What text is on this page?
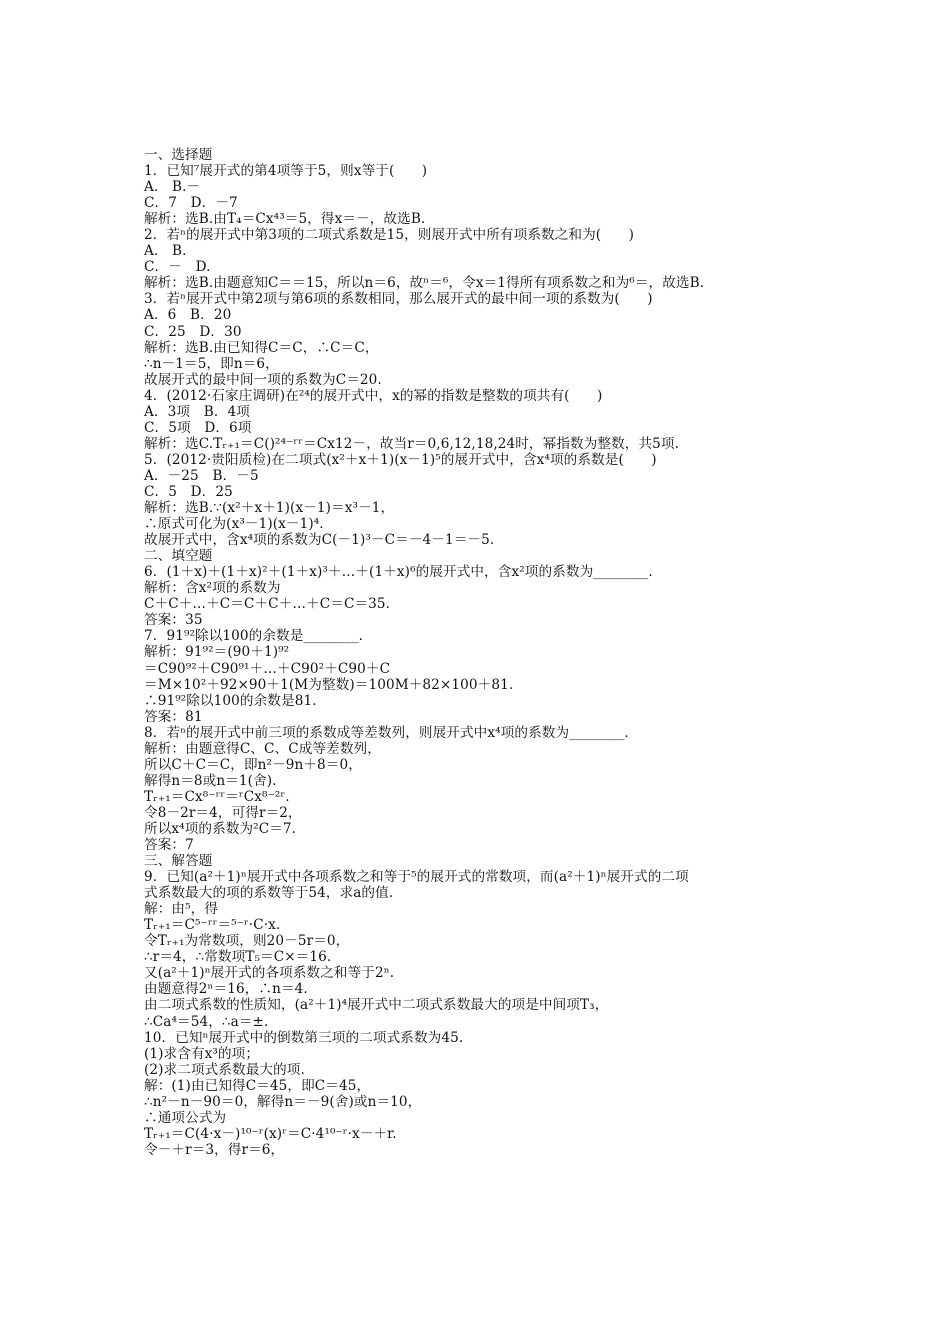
一、选择题
1．已知⁷展开式的第4项等于5，则x等于(　　)
A.　B.－
C．7　D．－7
解析：选B.由T₄＝Cx⁴³＝5，得x＝－，故选B.
2．若ⁿ的展开式中第3项的二项式系数是15，则展开式中所有项系数之和为(　　)
A.　B.
C．－　D.
解析：选B.由题意知C＝＝15，所以n＝6，故ⁿ＝⁶，令x＝1得所有项系数之和为⁶＝，故选B.
3．若ⁿ展开式中第2项与第6项的系数相同，那么展开式的最中间一项的系数为(　　)
A．6　B．20
C．25　D．30
解析：选B.由已知得C＝C，∴C＝C，
∴n－1＝5，即n＝6，
故展开式的最中间一项的系数为C＝20.
4．(2012·石家庄调研)在²⁴的展开式中，x的幂的指数是整数的项共有(　　)
A．3项　B．4项
C．5项　D．6项
解析：选C.Tᵣ₊₁＝C()²⁴⁻ʳʳ＝Cx12－，故当r＝0,6,12,18,24时，幂指数为整数，共5项.
5．(2012·贵阳质检)在二项式(x²＋x＋1)(x－1)⁵的展开式中，含x⁴项的系数是(　　)
A．－25　B．－5
C．5　D．25
解析：选B.∵(x²＋x＋1)(x－1)＝x³－1，
∴原式可化为(x³－1)(x－1)⁴.
故展开式中，含x⁴项的系数为C(－1)³－C＝－4－1＝－5.
二、填空题
6．(1＋x)＋(1＋x)²＋(1＋x)³＋…＋(1＋x)⁶的展开式中，含x²项的系数为________.
解析：含x²项的系数为
C＋C＋…＋C＝C＋C＋…＋C＝C＝35.
答案：35
7．91⁹²除以100的余数是________.
解析：91⁹²＝(90＋1)⁹²
＝C90⁹²＋C90⁹¹＋…＋C90²＋C90＋C
＝M×10²＋92×90＋1(M为整数)＝100M＋82×100＋81.
∴91⁹²除以100的余数是81.
答案：81
8．若ⁿ的展开式中前三项的系数成等差数列，则展开式中x⁴项的系数为________.
解析：由题意得C、C、C成等差数列，
所以C＋C＝C，即n²－9n＋8＝0，
解得n＝8或n＝1(舍).
Tᵣ₊₁＝Cx⁸⁻ʳʳ＝ʳCx⁸⁻²ʳ.
令8－2r＝4，可得r＝2，
所以x⁴项的系数为²C＝7.
答案：7
三、解答题
9．已知(a²＋1)ⁿ展开式中各项系数之和等于⁵的展开式的常数项，而(a²＋1)ⁿ展开式的二项
式系数最大的项的系数等于54，求a的值.
解：由⁵，得
Tᵣ₊₁＝C⁵⁻ʳʳ＝⁵⁻ʳ·C·x.
令Tᵣ₊₁为常数项，则20－5r＝0，
∴r＝4，∴常数项T₅＝C×＝16.
又(a²＋1)ⁿ展开式的各项系数之和等于2ⁿ.
由题意得2ⁿ＝16，∴n＝4.
由二项式系数的性质知，(a²＋1)⁴展开式中二项式系数最大的项是中间项T₃，
∴Ca⁴＝54，∴a＝±.
10．已知ⁿ展开式中的倒数第三项的二项式系数为45.
(1)求含有x³的项；
(2)求二项式系数最大的项.
解：(1)由已知得C＝45，即C＝45，
∴n²－n－90＝0，解得n＝－9(舍)或n＝10，
∴通项公式为
Tᵣ₊₁＝C(4·x－)¹⁰⁻ʳ(x)ʳ＝C·4¹⁰⁻ʳ·x－＋r.
令－＋r＝3，得r＝6，
